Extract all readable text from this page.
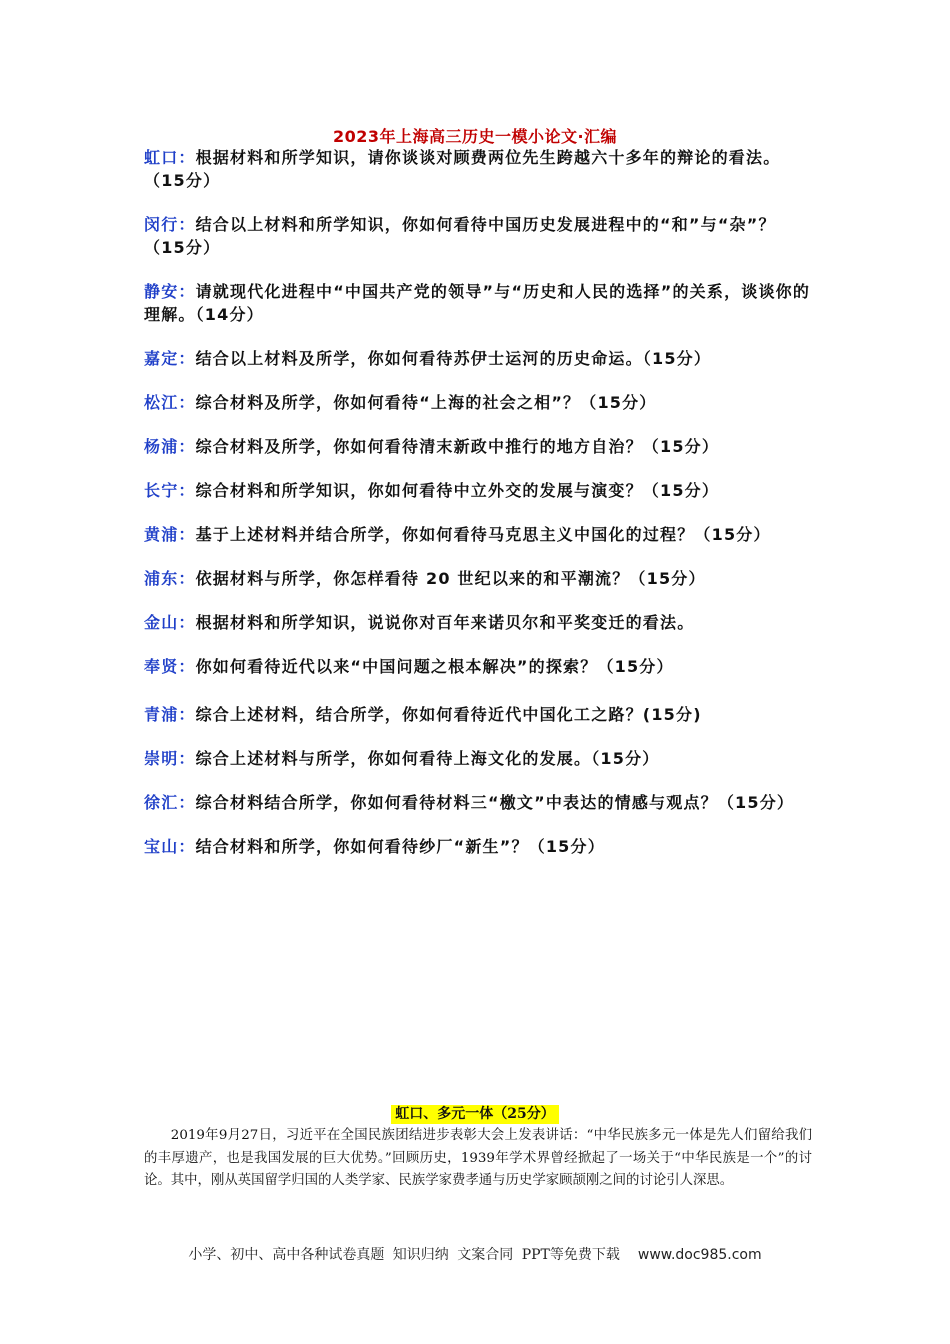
2023年上海高三历史一模小论文·汇编
虹口：根据材料和所学知识，请你谈谈对顾费两位先生跨越六十多年的辩论的看法。（15分）
闵行：结合以上材料和所学知识，你如何看待中国历史发展进程中的“和”与“杂”？（15分）
静安：请就现代化进程中“中国共产党的领导”与“历史和人民的选择”的关系，谈谈你的 理解。（14分）
嘉定：结合以上材料及所学，你如何看待苏伊士运河的历史命运。（15分）
松江：综合材料及所学，你如何看待“上海的社会之相”？（15分）
杨浦：综合材料及所学，你如何看待清末新政中推行的地方自治？（15分）
长宁：综合材料和所学知识，你如何看待中立外交的发展与演变？（15分）
黄浦：基于上述材料并结合所学，你如何看待马克思主义中国化的过程？（15分）
浦东：依据材料与所学，你怎样看待 20 世纪以来的和平潮流？（15分）
金山：根据材料和所学知识，说说你对百年来诺贝尔和平奖变迁的看法。
奉贤：你如何看待近代以来“中国问题之根本解决”的探索？（15分）
青浦：综合上述材料，结合所学，你如何看待近代中国化工之路？(15分)
崇明：综合上述材料与所学，你如何看待上海文化的发展。（15分）
徐汇：综合材料结合所学，你如何看待材料三“檄文”中表达的情感与观点？（15分）
宝山：结合材料和所学，你如何看待纱厂“新生”？（15分）
虹口、多元一体（25分）
2019年9月27日，习近平在全国民族团结进步表彰大会上发表讲话：“中华民族多元一体是先人们留给我们的丰厚遗产，也是我国发展的巨大优势。”回顾历史，1939年学术界曾经掀起了一场关于“中华民族是一个”的讨论。其中，刚从英国留学归国的人类学家、民族学家费孝通与历史学家顾颉刚之间的讨论引人深思。
小学、初中、高中各种试卷真题 知识归纳 文案合同 PPT等免费下载 www.doc985.com
